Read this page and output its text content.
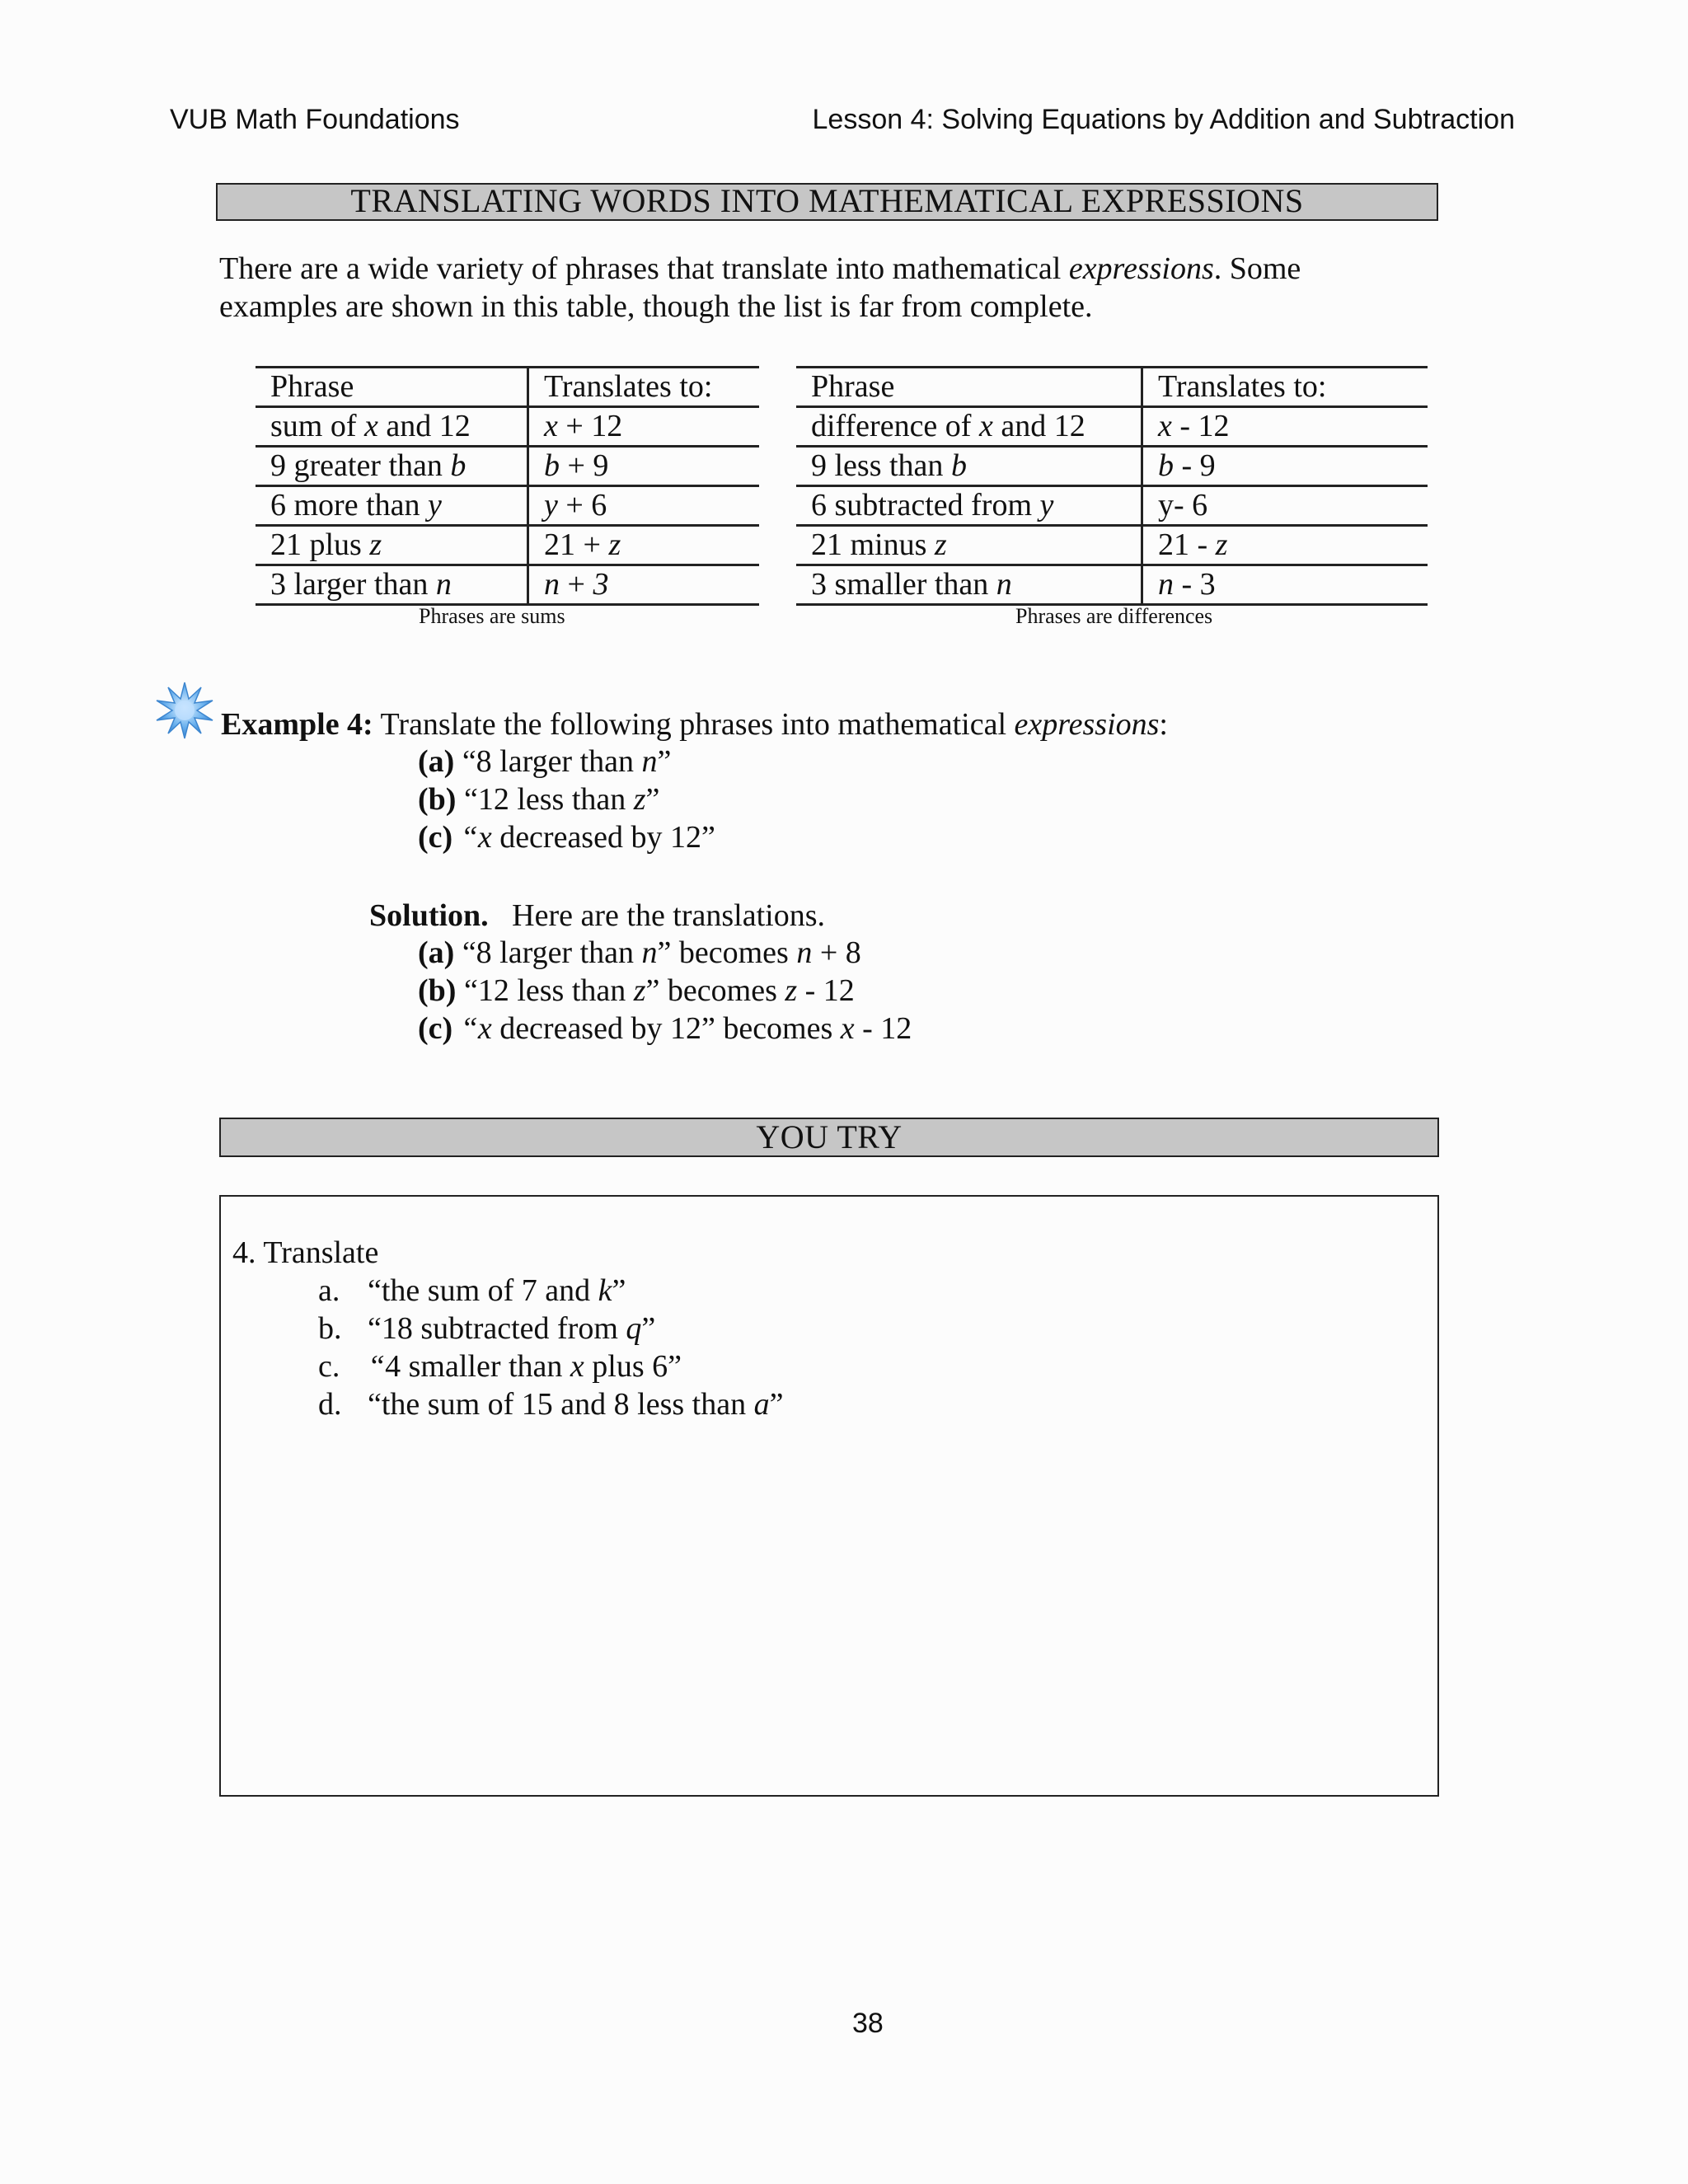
VUB Math Foundations	Lesson 4: Solving Equations by Addition and Subtraction
TRANSLATING WORDS INTO MATHEMATICAL EXPRESSIONS
There are a wide variety of phrases that translate into mathematical expressions. Some
examples are shown in this table, though the list is far from complete.
Phrase	Translates to:
sum of x and 12	x + 12
9 greater than b	b + 9
6 more than y	y + 6
21 plus z	21 + z
3 larger than n	n + 3
Phrases are sums
Phrase	Translates to:
difference of x and 12	x - 12
9 less than b	b - 9
6 subtracted from y	y- 6
21 minus z	21 - z
3 smaller than n	n - 3
Phrases are differences
Example 4: Translate the following phrases into mathematical expressions:
(a) “8 larger than n”
(b) “12 less than z”
(c) “x decreased by 12”
Solution. Here are the translations.
(a) “8 larger than n” becomes n + 8
(b) “12 less than z” becomes z - 12
(c) “x decreased by 12” becomes x - 12
YOU TRY
4. Translate
a. “the sum of 7 and k”
b. “18 subtracted from q”
c. “4 smaller than x plus 6”
d. “the sum of 15 and 8 less than a”
38
